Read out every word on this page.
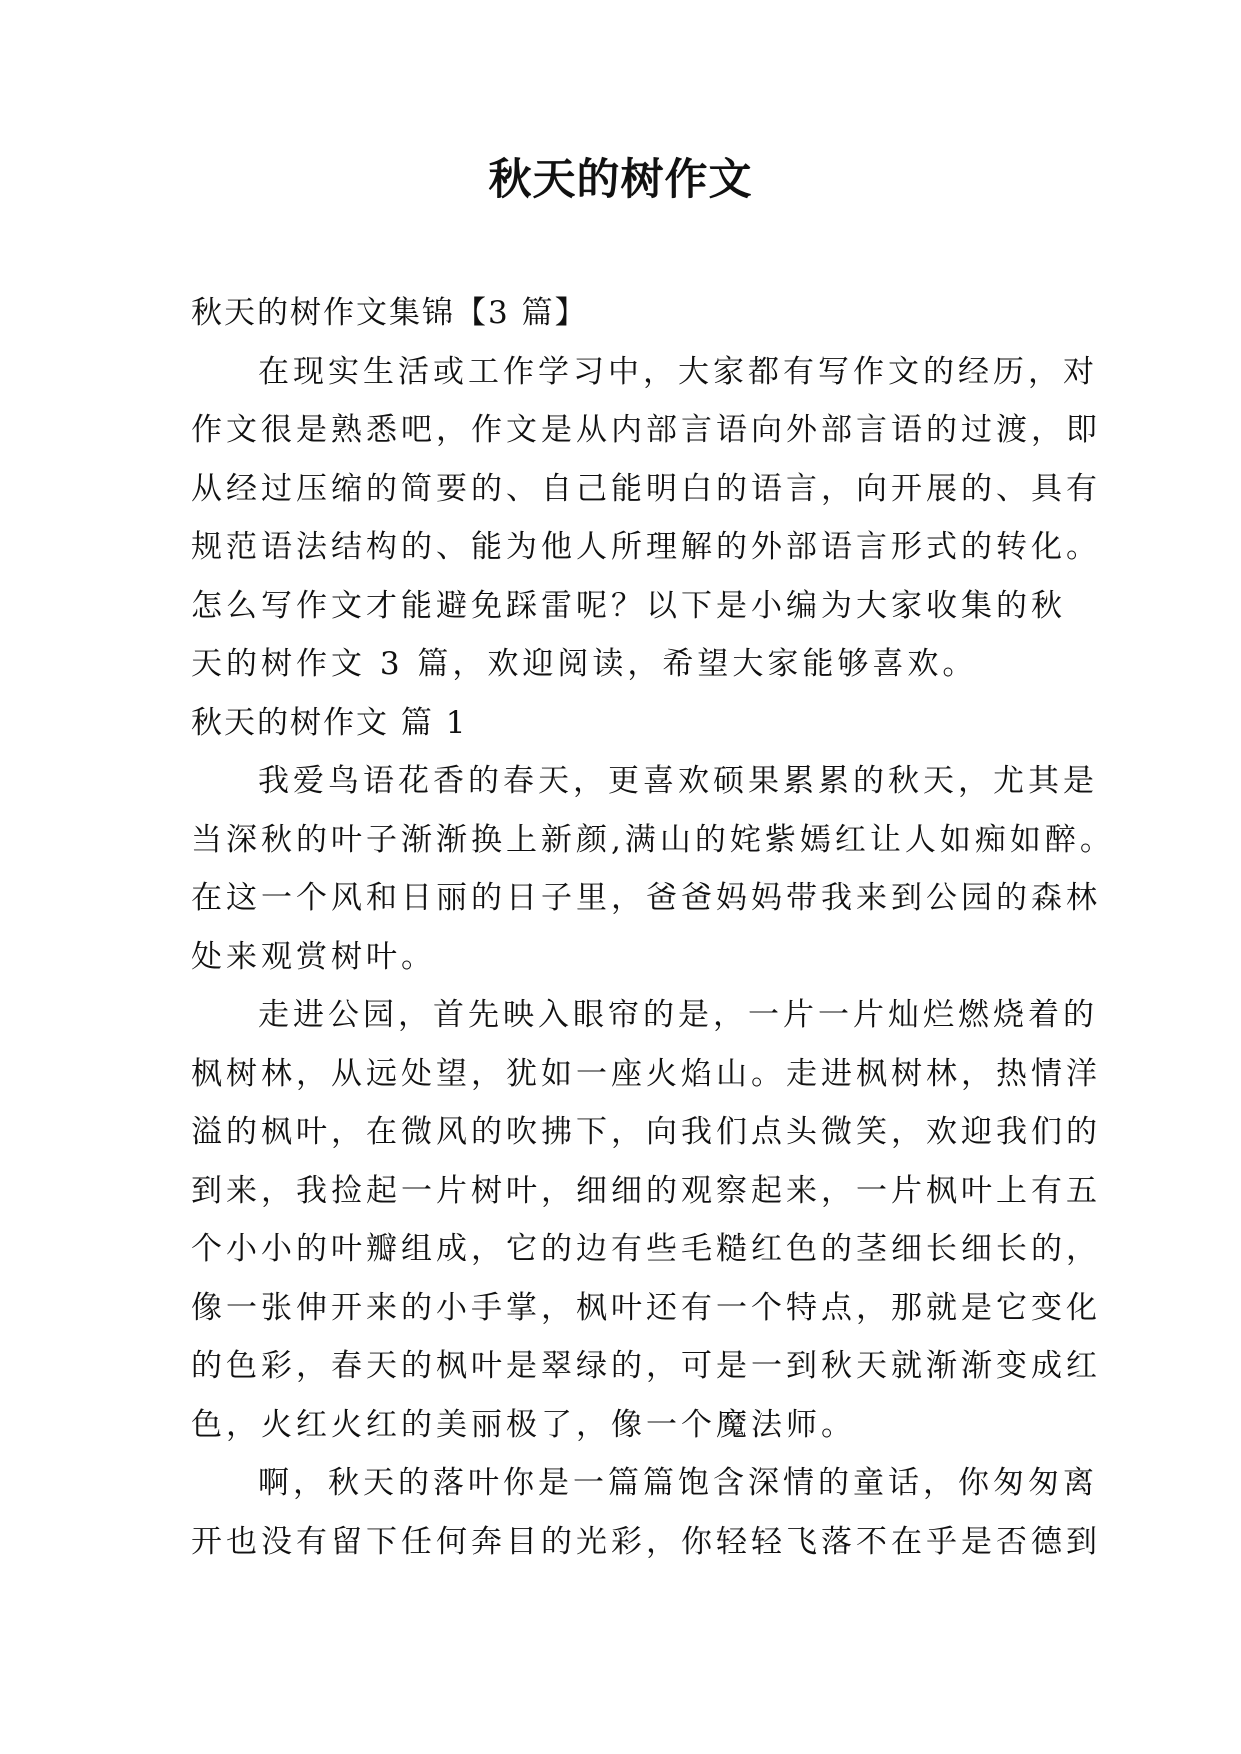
秋天的树作文
秋天的树作文集锦【3 篇】
在现实生活或工作学习中，大家都有写作文的经历，对
作文很是熟悉吧，作文是从内部言语向外部言语的过渡，即
从经过压缩的简要的、自己能明白的语言，向开展的、具有
规范语法结构的、能为他人所理解的外部语言形式的转化。
怎么写作文才能避免踩雷呢？以下是小编为大家收集的秋
天的树作文 3 篇，欢迎阅读，希望大家能够喜欢。
秋天的树作文 篇 1
我爱鸟语花香的春天，更喜欢硕果累累的秋天，尤其是
当深秋的叶子渐渐换上新颜,满山的姹紫嫣红让人如痴如醉。
在这一个风和日丽的日子里，爸爸妈妈带我来到公园的森林
处来观赏树叶。
走进公园，首先映入眼帘的是，一片一片灿烂燃烧着的
枫树林，从远处望，犹如一座火焰山。走进枫树林，热情洋
溢的枫叶，在微风的吹拂下，向我们点头微笑，欢迎我们的
到来，我捡起一片树叶，细细的观察起来，一片枫叶上有五
个小小的叶瓣组成，它的边有些毛糙红色的茎细长细长的，
像一张伸开来的小手掌，枫叶还有一个特点，那就是它变化
的色彩，春天的枫叶是翠绿的，可是一到秋天就渐渐变成红
色，火红火红的美丽极了，像一个魔法师。
啊，秋天的落叶你是一篇篇饱含深情的童话，你匆匆离
开也没有留下任何奔目的光彩，你轻轻飞落不在乎是否德到
